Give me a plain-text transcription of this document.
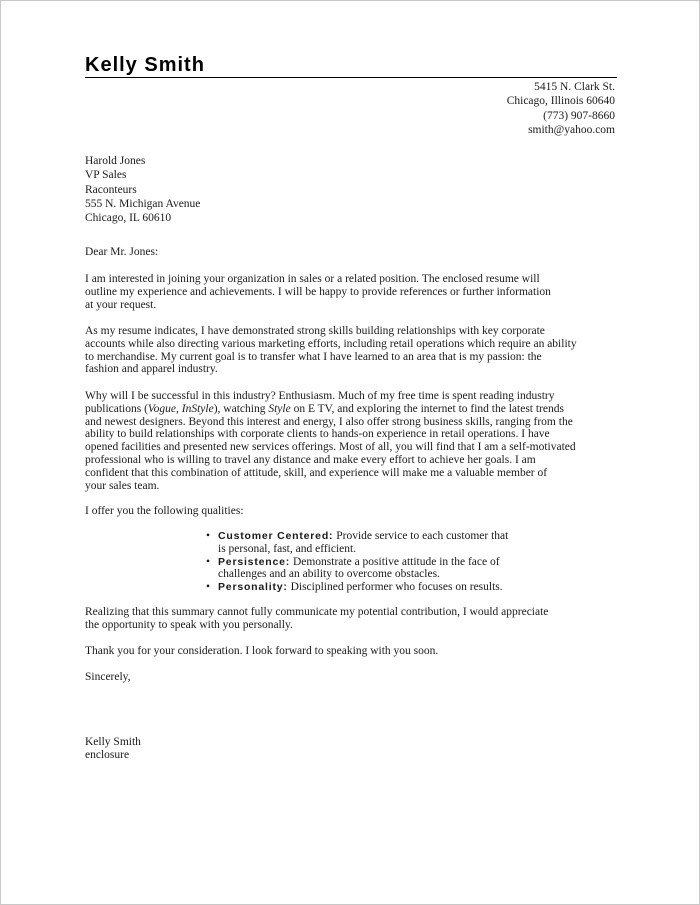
Kelly Smith
5415 N. Clark St.
Chicago, Illinois 60640
(773) 907-8660
smith@yahoo.com
Harold Jones
VP Sales
Raconteurs
555 N. Michigan Avenue
Chicago, IL 60610
Dear Mr. Jones:
I am interested in joining your organization in sales or a related position. The enclosed resume will
outline my experience and achievements. I will be happy to provide references or further information
at your request.
As my resume indicates, I have demonstrated strong skills building relationships with key corporate
accounts while also directing various marketing efforts, including retail operations which require an ability
to merchandise. My current goal is to transfer what I have learned to an area that is my passion: the
fashion and apparel industry.
Why will I be successful in this industry? Enthusiasm. Much of my free time is spent reading industry
publications (Vogue, InStyle), watching Style on E TV, and exploring the internet to find the latest trends
and newest designers. Beyond this interest and energy, I also offer strong business skills, ranging from the
ability to build relationships with corporate clients to hands-on experience in retail operations. I have
opened facilities and presented new services offerings. Most of all, you will find that I am a self-motivated
professional who is willing to travel any distance and make every effort to achieve her goals. I am
confident that this combination of attitude, skill, and experience will make me a valuable member of
your sales team.
I offer you the following qualities:
• Customer Centered: Provide service to each customer that
is personal, fast, and efficient.
• Persistence: Demonstrate a positive attitude in the face of
challenges and an ability to overcome obstacles.
• Personality: Disciplined performer who focuses on results.
Realizing that this summary cannot fully communicate my potential contribution, I would appreciate
the opportunity to speak with you personally.
Thank you for your consideration. I look forward to speaking with you soon.
Sincerely,
Kelly Smith
enclosure
